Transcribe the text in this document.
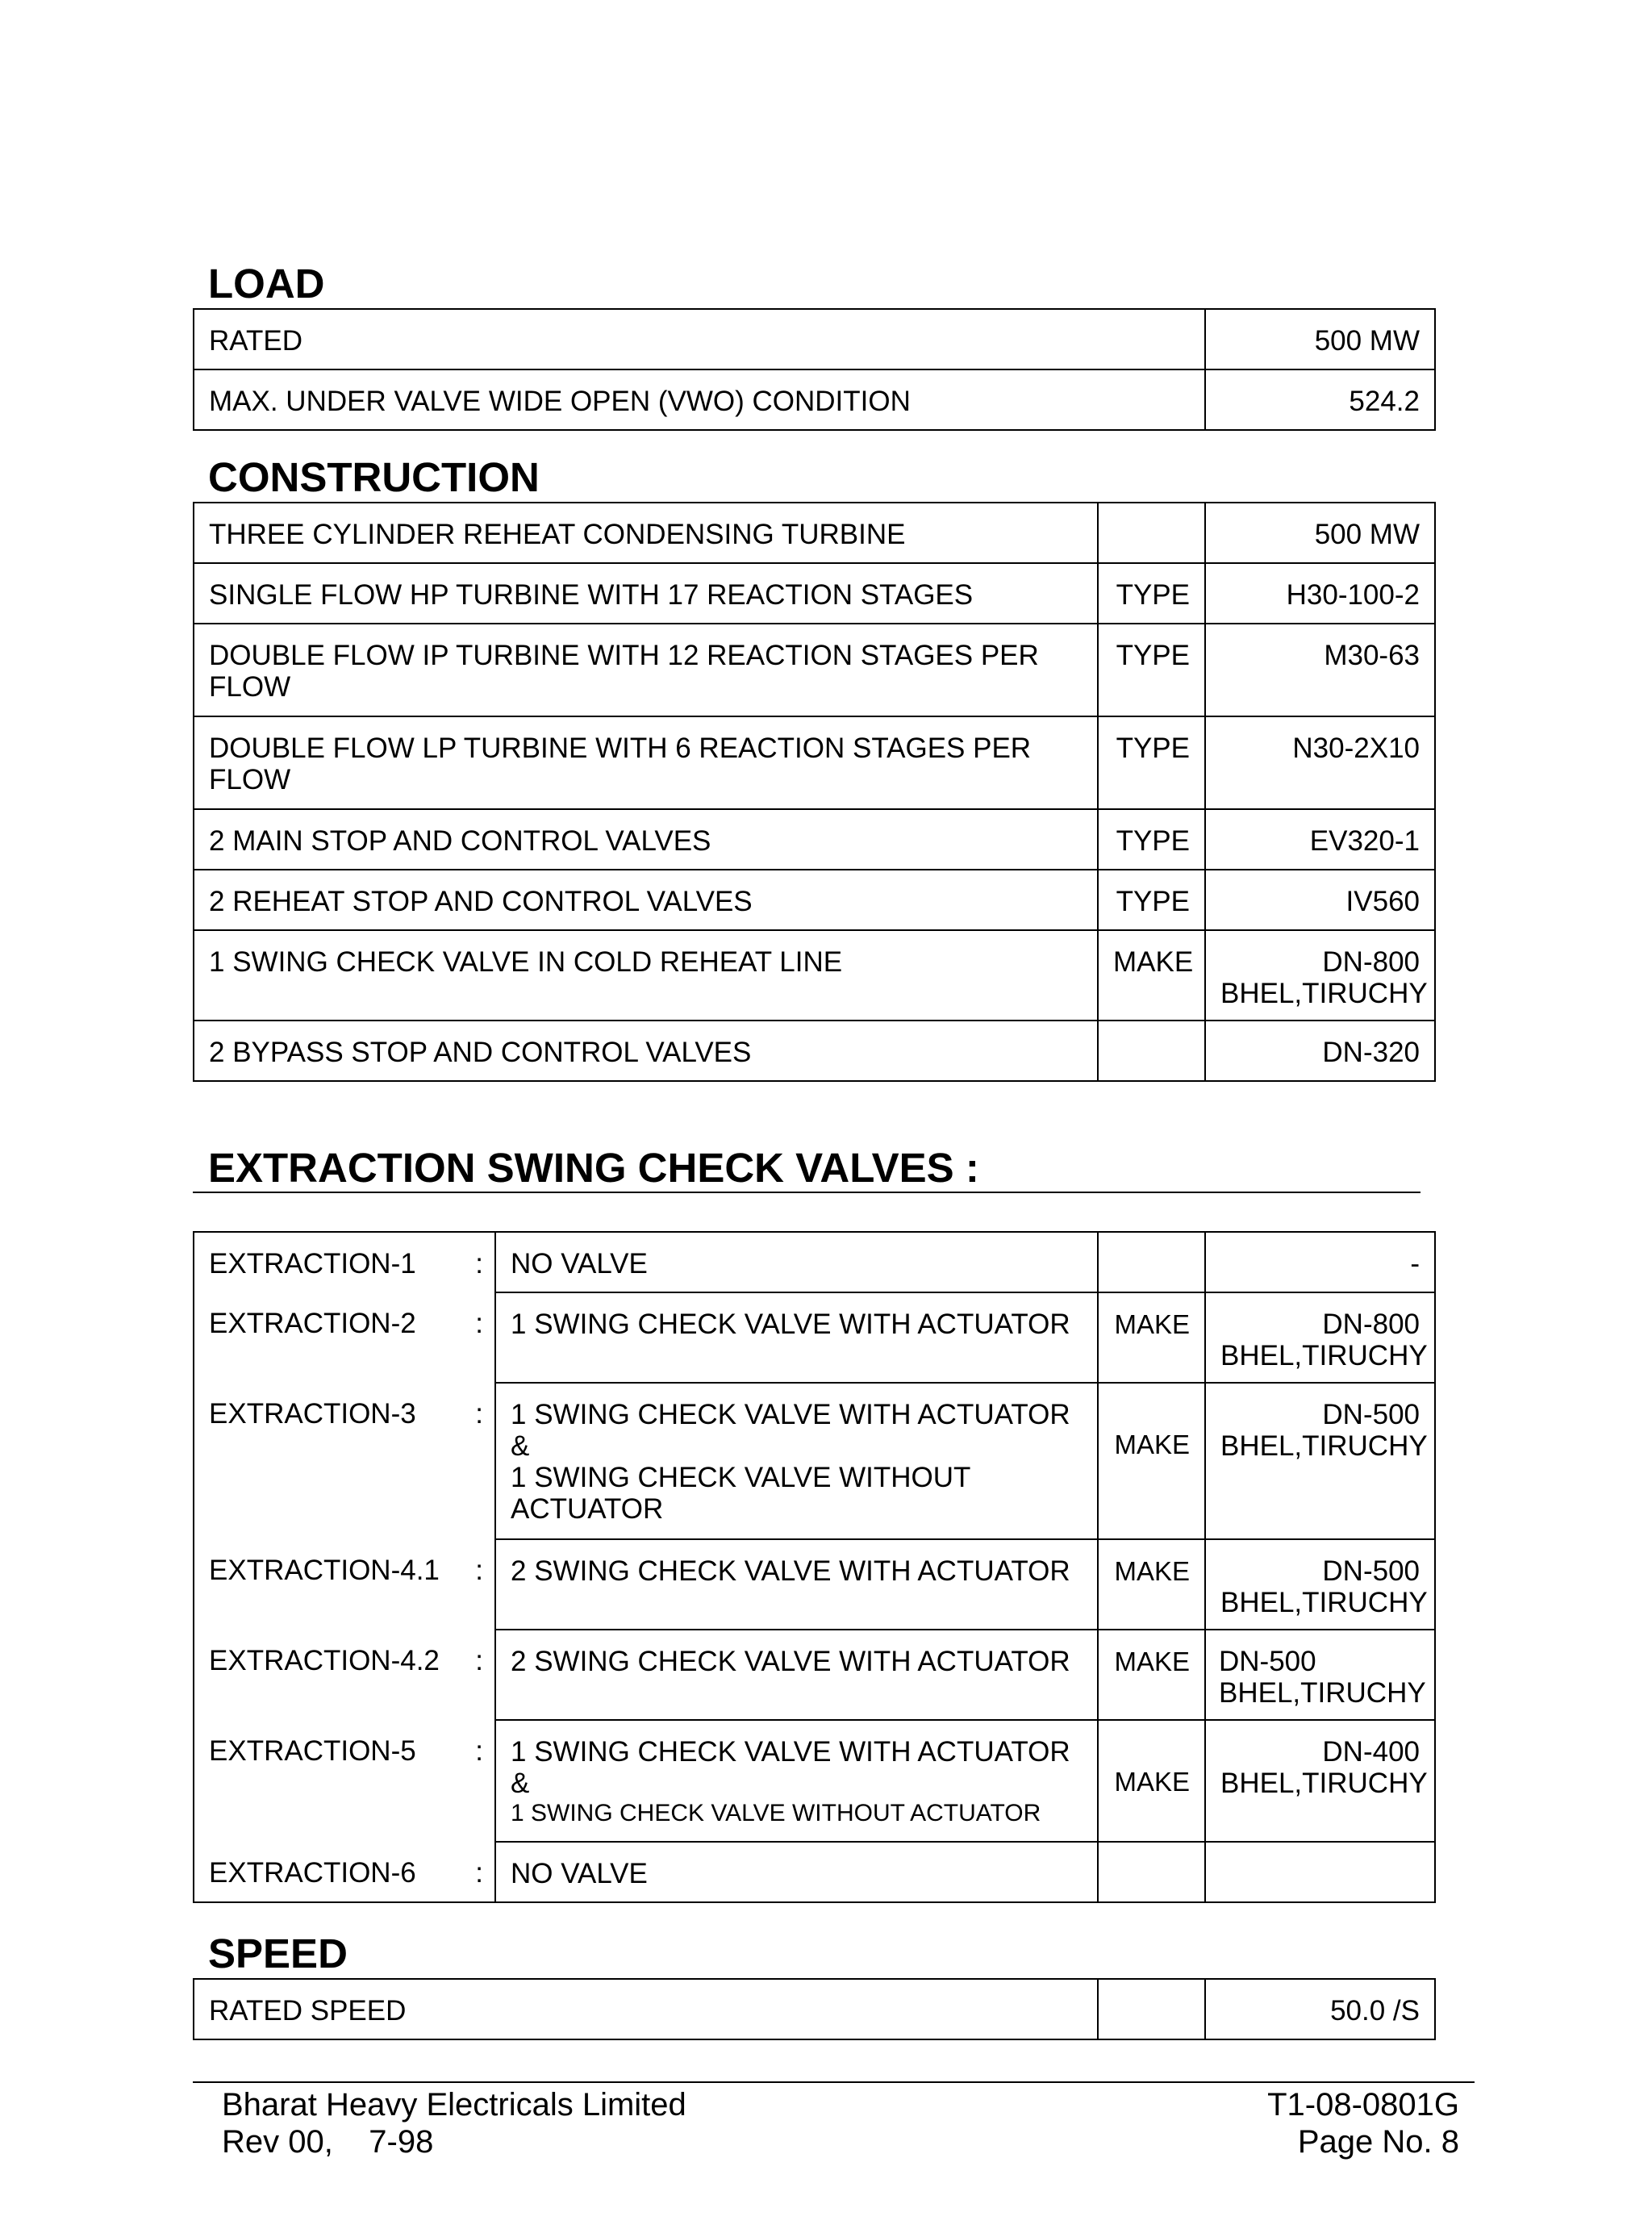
LOAD
RATED	500 MW
MAX. UNDER VALVE WIDE OPEN (VWO) CONDITION	524.2
CONSTRUCTION
THREE CYLINDER REHEAT CONDENSING TURBINE		500 MW
SINGLE FLOW HP TURBINE WITH 17 REACTION STAGES	TYPE	H30-100-2
DOUBLE FLOW IP TURBINE WITH 12 REACTION STAGES PER FLOW	TYPE	M30-63
DOUBLE FLOW LP TURBINE WITH 6 REACTION STAGES PER FLOW	TYPE	N30-2X10
2 MAIN STOP AND CONTROL VALVES	TYPE	EV320-1
2 REHEAT STOP AND CONTROL VALVES	TYPE	IV560
1 SWING CHECK VALVE IN COLD REHEAT LINE	MAKE	DN-800
BHEL,TIRUCHY

2 BYPASS STOP AND CONTROL VALVES		DN-320
EXTRACTION SWING CHECK VALVES :
EXTRACTION-1 :	NO VALVE		-
EXTRACTION-2 :	1 SWING CHECK VALVE WITH ACTUATOR	MAKE	DN-800
BHEL,TIRUCHY

EXTRACTION-3 :	1 SWING CHECK VALVE WITH ACTUATOR
&
1 SWING CHECK VALVE WITHOUT ACTUATOR	MAKE	DN-500
BHEL,TIRUCHY

EXTRACTION-4.1 :	2 SWING CHECK VALVE WITH ACTUATOR	MAKE	DN-500
BHEL,TIRUCHY

EXTRACTION-4.2 :	2 SWING CHECK VALVE WITH ACTUATOR	MAKE	DN-500
BHEL,TIRUCHY

EXTRACTION-5 :	1 SWING CHECK VALVE WITH ACTUATOR
&
1 SWING CHECK VALVE WITHOUT ACTUATOR	MAKE	DN-400
BHEL,TIRUCHY

EXTRACTION-6 :	NO VALVE		

SPEED
RATED SPEED		50.0 /S
Bharat Heavy Electricals Limited
Rev 00,    7-98
T1-08-0801G
Page No. 8
